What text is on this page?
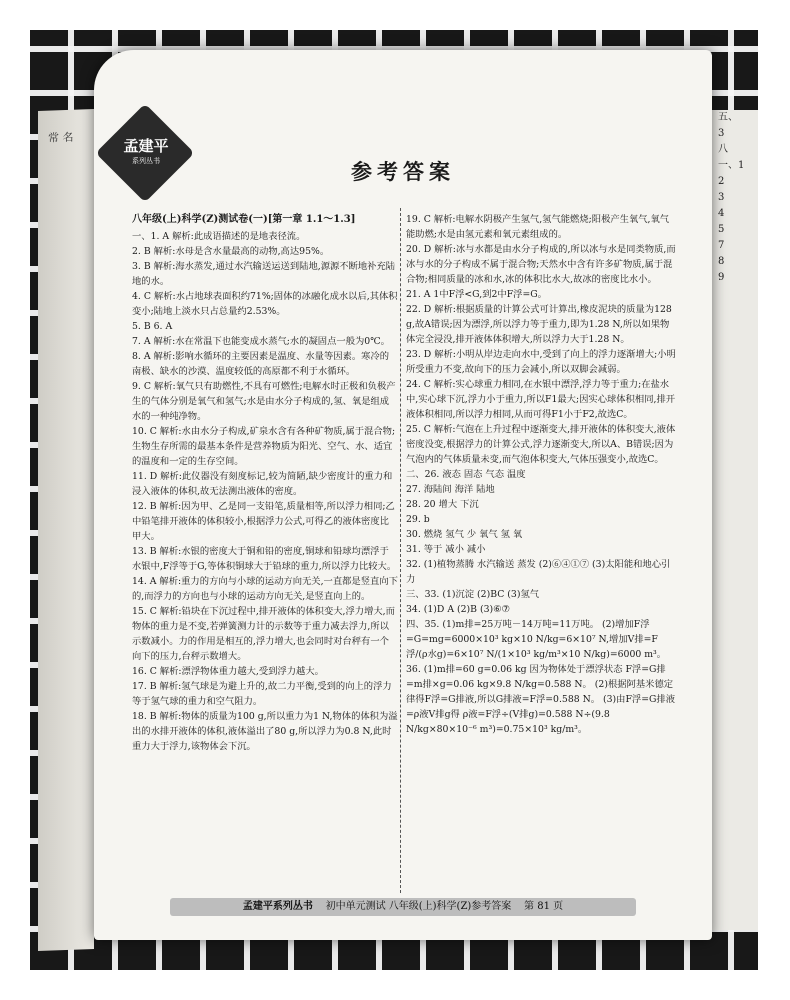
常 名
五、
3
八
一、1
2
3
4
5
7
8
9
孟建平
系列丛书	参考答案

八年级(上)科学(Z)测试卷(一)[第一章 1.1～1.3]

一、1. A 解析:此成语描述的是地表径流。

2. B 解析:水母是含水量最高的动物,高达95%。

3. B 解析:海水蒸发,通过水汽输送运送到陆地,源源不断地补充陆地的水。

4. C 解析:水占地球表面积约71%;固体的冰融化成水以后,其体积变小;陆地上淡水只占总量约2.53%。

5. B 6. A

7. A 解析:水在常温下也能变成水蒸气;水的凝固点一般为0℃。

8. A 解析:影响水循环的主要因素是温度、水量等因素。寒冷的南极、缺水的沙漠、温度较低的高原都不利于水循环。

9. C 解析:氧气只有助燃性,不具有可燃性;电解水时正极和负极产生的气体分别是氧气和氢气;水是由水分子构成的,氢、氧是组成水的一种纯净物。

10. C 解析:水由水分子构成,矿泉水含有各种矿物质,属于混合物;生物生存所需的最基本条件是营养物质为阳光、空气、水、适宜的温度和一定的生存空间。

11. D 解析:此仪器没有刻度标记,较为简陋,缺少密度计的重力和浸入液体的体积,故无法测出液体的密度。

12. B 解析:因为甲、乙是同一支铅笔,质量相等,所以浮力相同;乙中铅笔排开液体的体积较小,根据浮力公式,可得乙的液体密度比甲大。

13. B 解析:水银的密度大于铜和铅的密度,铜球和铅球均漂浮于水银中,F浮等于G,等体积铜球大于铅球的重力,所以浮力比较大。

14. A 解析:重力的方向与小球的运动方向无关,一直都是竖直向下的,而浮力的方向也与小球的运动方向无关,是竖直向上的。

15. C 解析:铅块在下沉过程中,排开液体的体积变大,浮力增大,而物体的重力是不变,若弹簧测力计的示数等于重力减去浮力,所以示数减小。力的作用是相互的,浮力增大,也会同时对台秤有一个向下的压力,台秤示数增大。

16. C 解析:漂浮物体重力越大,受到浮力越大。

17. B 解析:氢气球是为避上升的,故二力平衡,受到的向上的浮力等于氢气球的重力和空气阻力。

18. B 解析:物体的质量为100 g,所以重力为1 N,物体的体积为溢出的水排开液体的体积,液体溢出了80 g,所以浮力为0.8 N,此时重力大于浮力,该物体会下沉。

19. C 解析:电解水阴极产生氢气,氢气能燃烧;阳极产生氧气,氧气能助燃;水是由氢元素和氧元素组成的。

20. D 解析:冰与水都是由水分子构成的,所以冰与水是同类物质,而冰与水的分子构成不属于混合物;天然水中含有许多矿物质,属于混合物;相同质量的冰和水,冰的体积比水大,故冰的密度比水小。

21. A 1中F浮<G,到2中F浮=G。

22. D 解析:根据质量的计算公式可计算出,橡皮泥块的质量为128 g,故A错误;因为漂浮,所以浮力等于重力,即为1.28 N,所以如果物体完全浸没,排开液体体积增大,所以浮力大于1.28 N。

23. D 解析:小明从岸边走向水中,受到了向上的浮力逐渐增大;小明所受重力不变,故向下的压力会减小,所以双脚会减弱。

24. C 解析:实心球重力相同,在水银中漂浮,浮力等于重力;在盐水中,实心球下沉,浮力小于重力,所以F1最大;因实心球体积相同,排开液体积相同,所以浮力相同,从而可得F1小于F2,故选C。

25. C 解析:气泡在上升过程中逐渐变大,排开液体的体积变大,液体密度没变,根据浮力的计算公式,浮力逐渐变大,所以A、B错误;因为气泡内的气体质量未变,而气泡体积变大,气体压强变小,故选C。

二、26. 液态 固态 气态 温度

27. 海陆间 海洋 陆地

28. 20 增大 下沉

29. b

30. 燃烧 氢气 少 氧气 氢 氧

31. 等于 减小 减小

32. (1)植物蒸腾 水汽输送 蒸发 (2)⑥④①⑦ (3)太阳能和地心引力

三、33. (1)沉淀 (2)BC (3)氢气

34. (1)D A (2)B (3)⑥⑦

四、35. (1)m排=25万吨－14万吨=11万吨。 (2)增加F浮=G=mg=6000×10³ kg×10 N/kg=6×10⁷ N,增加V排=F浮/(ρ水g)=6×10⁷ N/(1×10³ kg/m³×10 N/kg)=6000 m³。

36. (1)m排=60 g=0.06 kg 因为物体处于漂浮状态 F浮=G排=m排×g=0.06 kg×9.8 N/kg=0.588 N。 (2)根据阿基米德定律得F浮=G排液,所以G排液=F浮=0.588 N。 (3)由F浮=G排液=ρ液V排g得 ρ液=F浮÷(V排g)=0.588 N÷(9.8 N/kg×80×10⁻⁶ m³)=0.75×10³ kg/m³。

孟建平系列丛书 初中单元测试 八年级(上)科学(Z)参考答案 第 81 页
